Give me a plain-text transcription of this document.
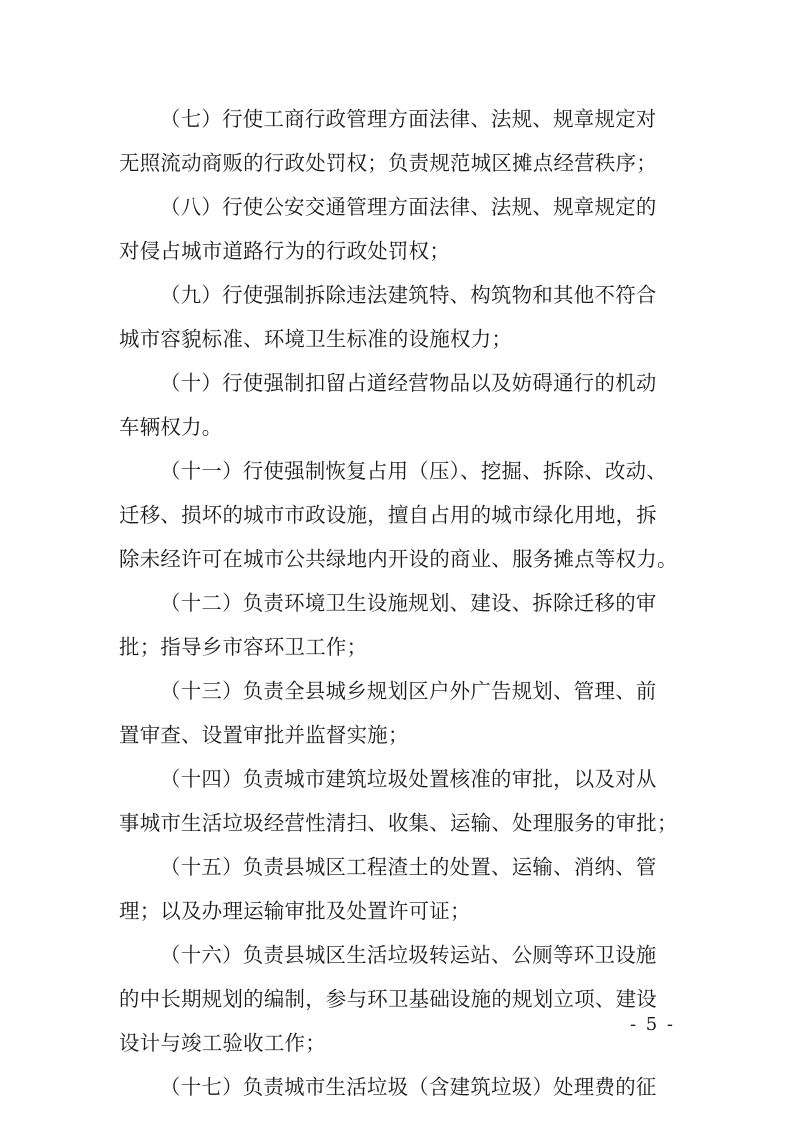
（七）行使工商行政管理方面法律、法规、规章规定对
无照流动商贩的行政处罚权；负责规范城区摊点经营秩序；
（八）行使公安交通管理方面法律、法规、规章规定的
对侵占城市道路行为的行政处罚权；
（九）行使强制拆除违法建筑特、构筑物和其他不符合
城市容貌标准、环境卫生标准的设施权力；
（十）行使强制扣留占道经营物品以及妨碍通行的机动
车辆权力。
（十一）行使强制恢复占用（压）、挖掘、拆除、改动、
迁移、损坏的城市市政设施，擅自占用的城市绿化用地，拆
除未经许可在城市公共绿地内开设的商业、服务摊点等权力。
（十二）负责环境卫生设施规划、建设、拆除迁移的审
批；指导乡市容环卫工作；
（十三）负责全县城乡规划区户外广告规划、管理、前
置审查、设置审批并监督实施；
（十四）负责城市建筑垃圾处置核准的审批，以及对从
事城市生活垃圾经营性清扫、收集、运输、处理服务的审批；
（十五）负责县城区工程渣土的处置、运输、消纳、管
理；以及办理运输审批及处置许可证；
（十六）负责县城区生活垃圾转运站、公厕等环卫设施
的中长期规划的编制，参与环卫基础设施的规划立项、建设
设计与竣工验收工作；
（十七）负责城市生活垃圾（含建筑垃圾）处理费的征
- 5 -
